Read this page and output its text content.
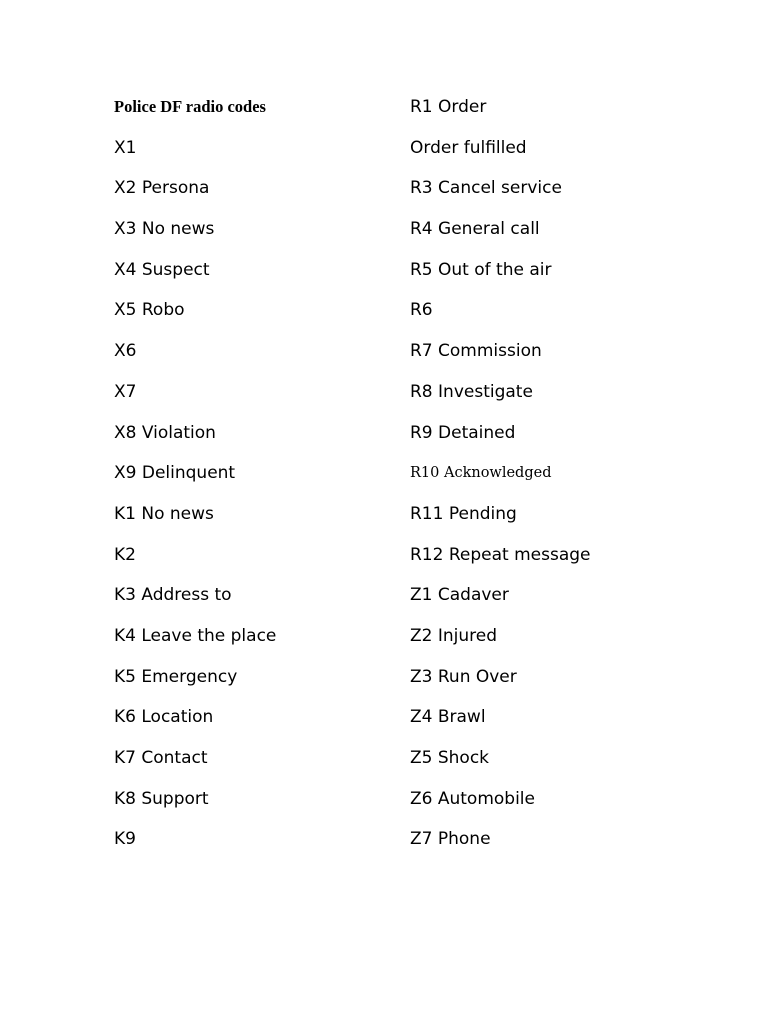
Police DF radio codes
X1
X2 Persona
X3 No news
X4 Suspect
X5 Robo
X6
X7
X8 Violation
X9 Delinquent
K1 No news
K2
K3 Address to
K4 Leave the place
K5 Emergency
K6 Location
K7 Contact
K8 Support
K9
R1 Order
Order fulfilled
R3 Cancel service
R4 General call
R5 Out of the air
R6
R7 Commission
R8 Investigate
R9 Detained
R10 Acknowledged
R11 Pending
R12 Repeat message
Z1 Cadaver
Z2 Injured
Z3 Run Over
Z4 Brawl
Z5 Shock
Z6 Automobile
Z7 Phone
